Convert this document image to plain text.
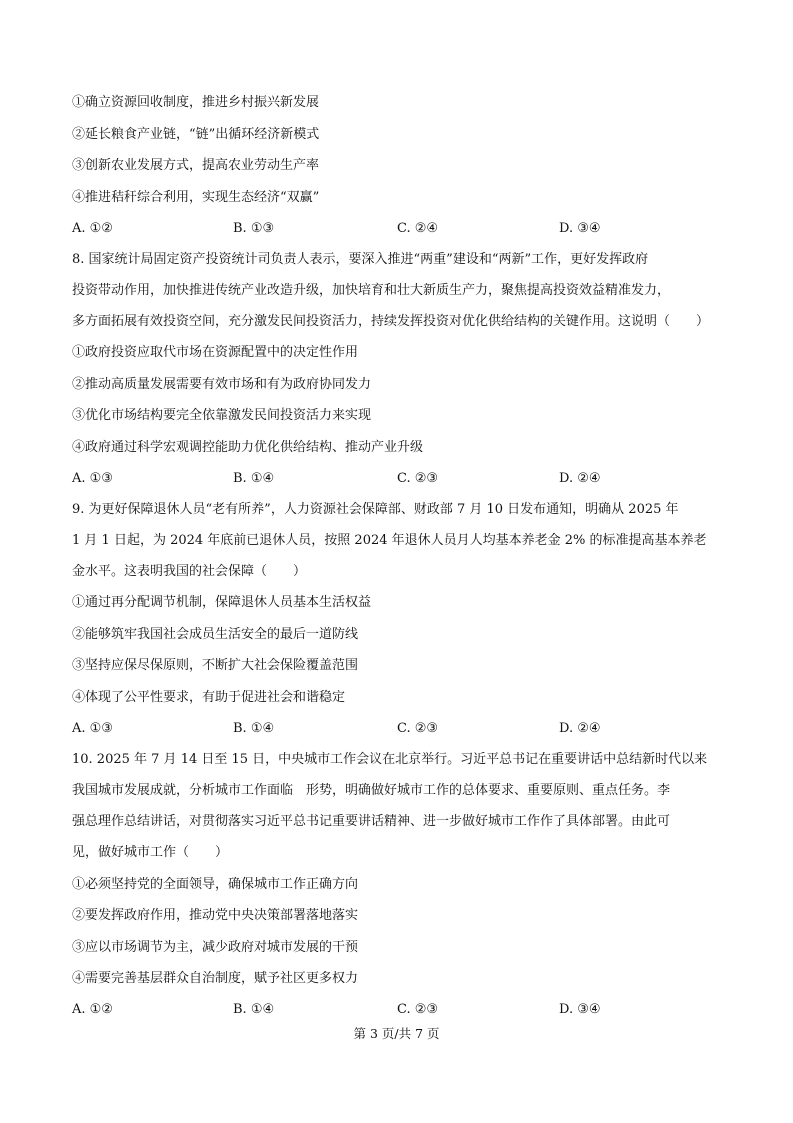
①确立资源回收制度，推进乡村振兴新发展
②延长粮食产业链，“链”出循环经济新模式
③创新农业发展方式，提高农业劳动生产率
④推进秸秆综合利用，实现生态经济“双赢”
A. ①②	B. ①③	C. ②④	D. ③④
8. 国家统计局固定资产投资统计司负责人表示，要深入推进“两重”建设和“两新”工作，更好发挥政府
投资带动作用，加快推进传统产业改造升级，加快培育和壮大新质生产力，聚焦提高投资效益精准发力，
多方面拓展有效投资空间，充分激发民间投资活力，持续发挥投资对优化供给结构的关键作用。这说明（　　）
①政府投资应取代市场在资源配置中的决定性作用
②推动高质量发展需要有效市场和有为政府协同发力
③优化市场结构要完全依靠激发民间投资活力来实现
④政府通过科学宏观调控能助力优化供给结构、推动产业升级
A. ①③	B. ①④	C. ②③	D. ②④
9. 为更好保障退休人员“老有所养”，人力资源社会保障部、财政部 7 月 10 日发布通知，明确从 2025 年
1 月 1 日起，为 2024 年底前已退休人员，按照 2024 年退休人员月人均基本养老金 2% 的标准提高基本养老
金水平。这表明我国的社会保障（　　）
①通过再分配调节机制，保障退休人员基本生活权益
②能够筑牢我国社会成员生活安全的最后一道防线
③坚持应保尽保原则，不断扩大社会保险覆盖范围
④体现了公平性要求，有助于促进社会和谐稳定
A. ①③	B. ①④	C. ②③	D. ②④
10. 2025 年 7 月 14 日至 15 日，中央城市工作会议在北京举行。习近平总书记在重要讲话中总结新时代以来
我国城市发展成就，分析城市工作面临　形势，明确做好城市工作的总体要求、重要原则、重点任务。李
强总理作总结讲话，对贯彻落实习近平总书记重要讲话精神、进一步做好城市工作作了具体部署。由此可
见，做好城市工作（　　）
①必须坚持党的全面领导，确保城市工作正确方向
②要发挥政府作用，推动党中央决策部署落地落实
③应以市场调节为主，减少政府对城市发展的干预
④需要完善基层群众自治制度，赋予社区更多权力
A. ①②	B. ①④	C. ②③	D. ③④
第 3 页/共 7 页
